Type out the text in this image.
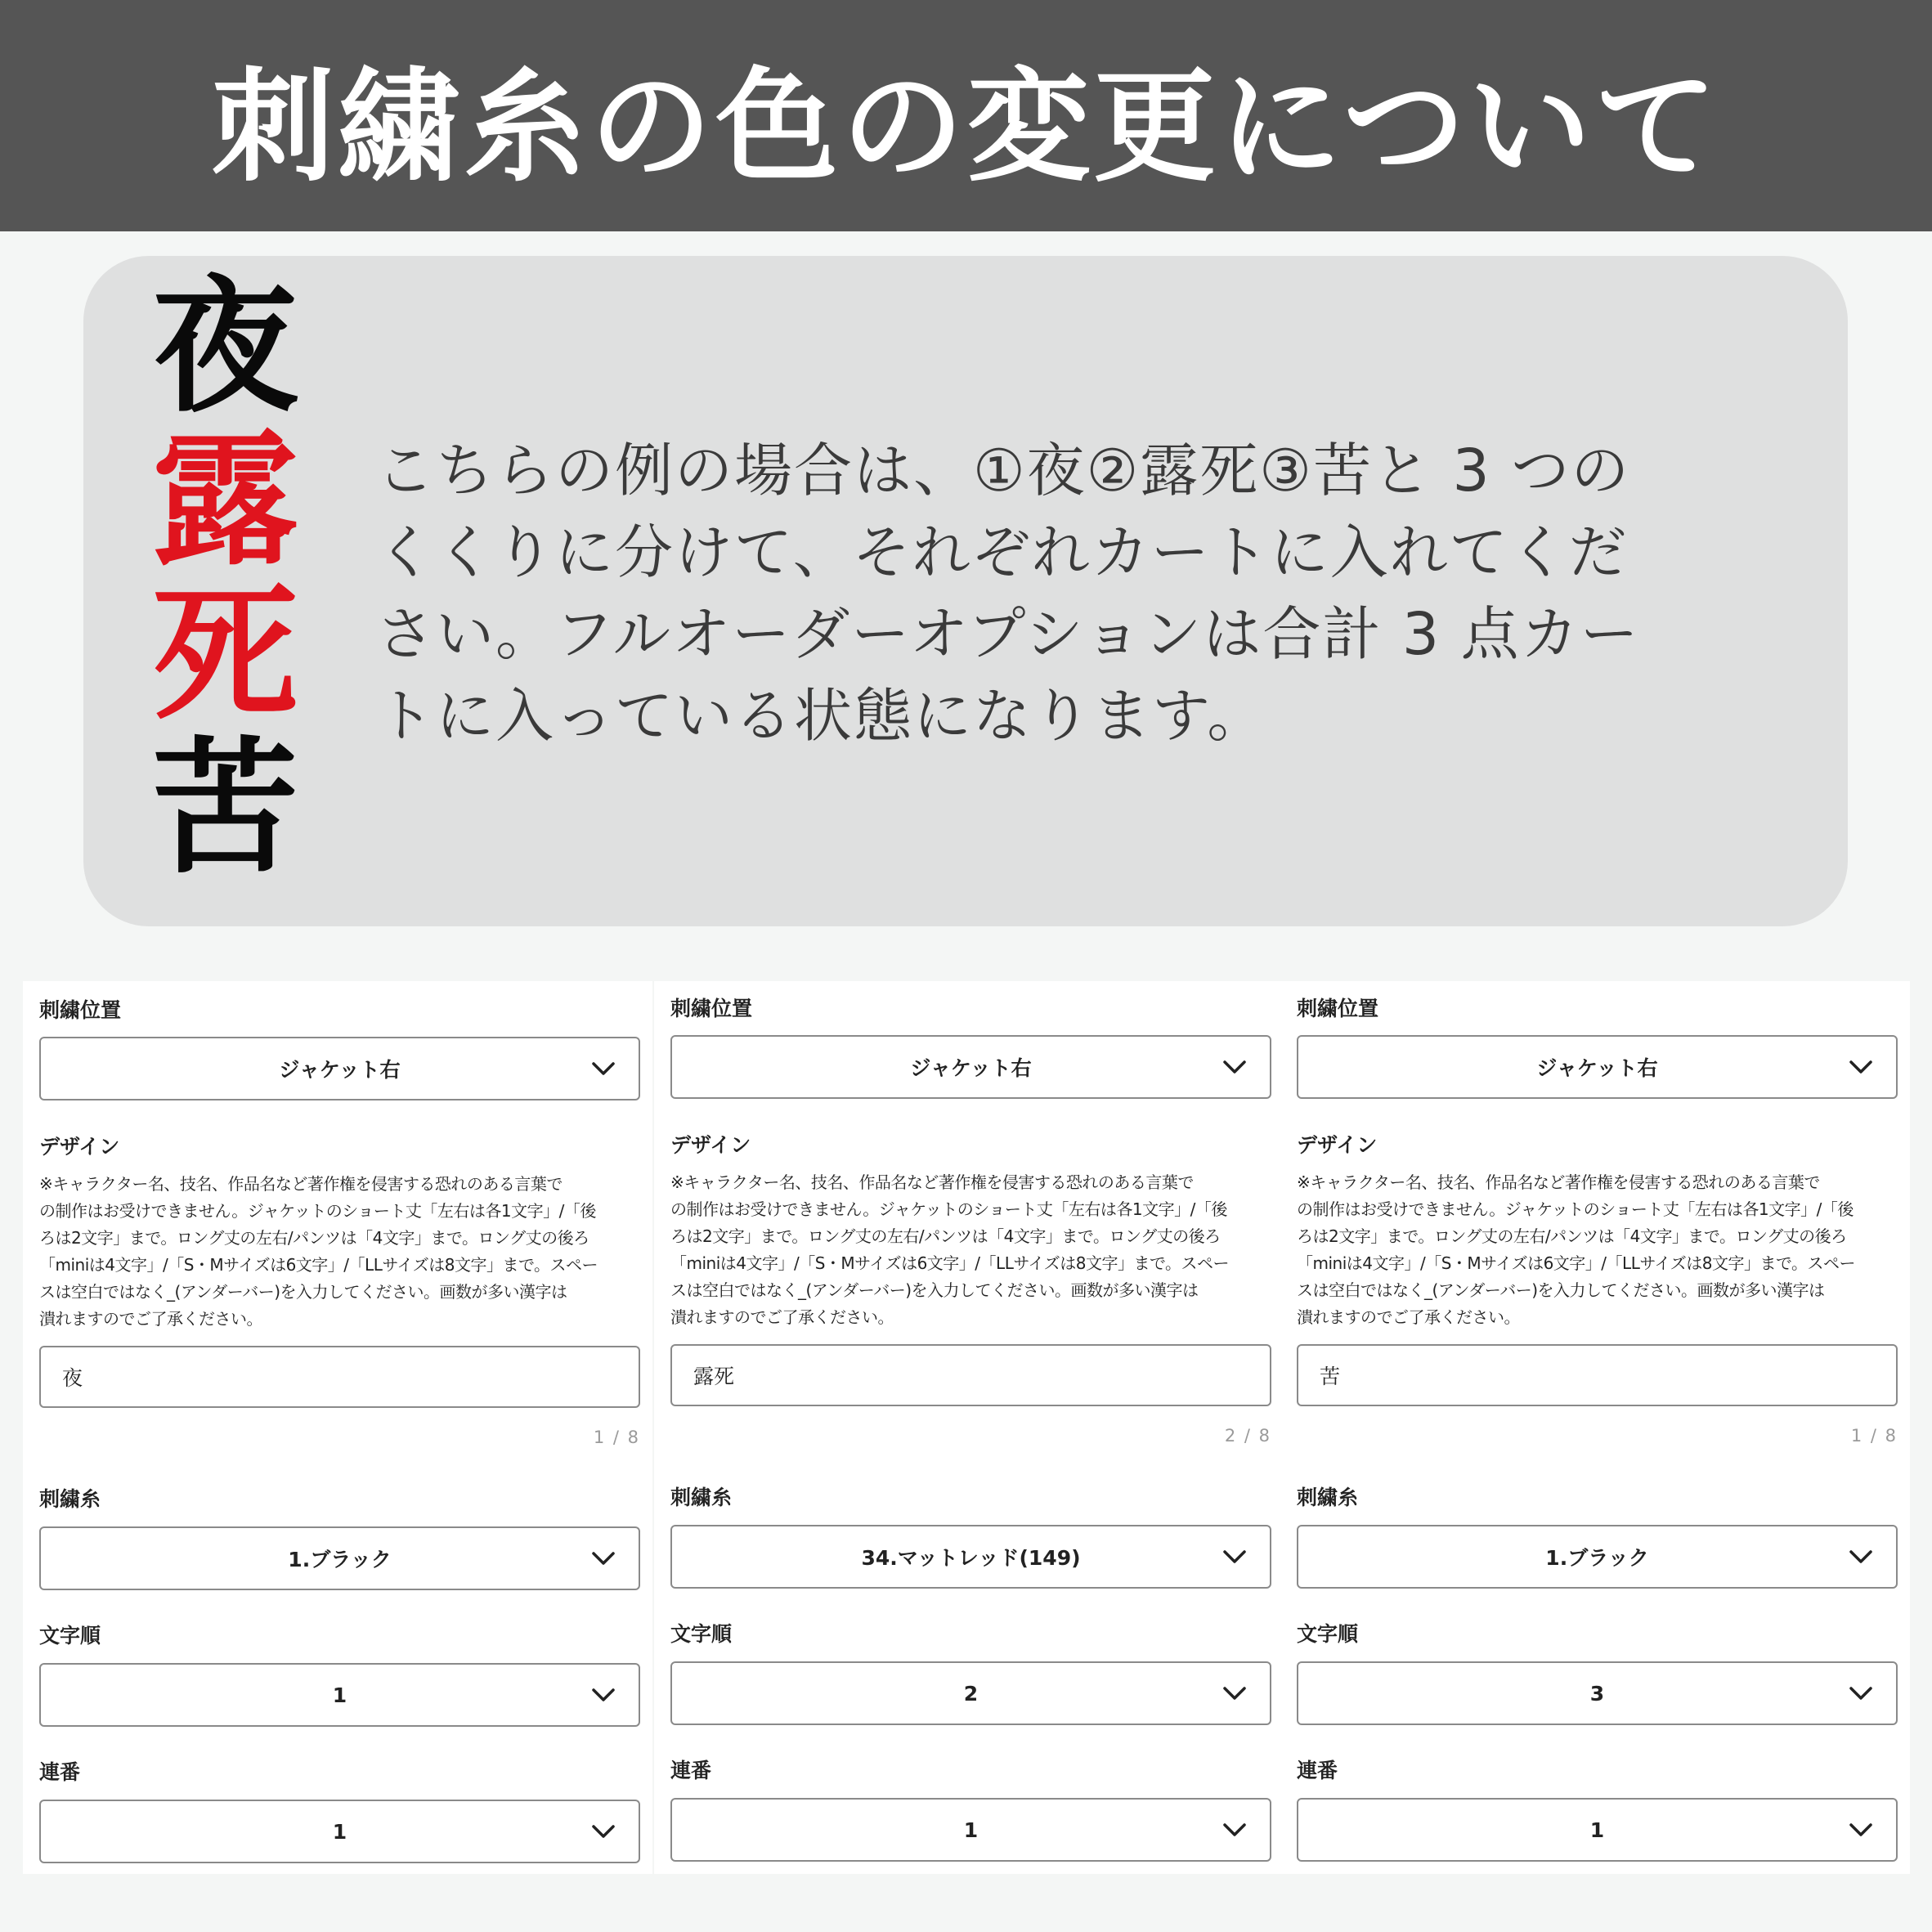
刺繍糸の色の変更について
夜
露
死
苦
こちらの例の場合は、①夜②露死③苦と 3 つの
くくりに分けて、それぞれカートに入れてくだ
さい。フルオーダーオプションは合計 3 点カー
トに入っている状態になります。
刺繍位置
ジャケット右
デザイン
※キャラクター名、技名、作品名など著作権を侵害する恐れのある言葉で
の制作はお受けできません。ジャケットのショート丈「左右は各1文字」/「後
ろは2文字」まで。ロング丈の左右/パンツは「4文字」まで。ロング丈の後ろ
「miniは4文字」/「S・Mサイズは6文字」/「LLサイズは8文字」まで。スペー
スは空白ではなく_(アンダーバー)を入力してください。画数が多い漢字は
潰れますのでご了承ください。
夜
1 / 8
刺繍糸
1.ブラック
文字順
1
連番
1
刺繍位置
ジャケット右
デザイン
※キャラクター名、技名、作品名など著作権を侵害する恐れのある言葉で
の制作はお受けできません。ジャケットのショート丈「左右は各1文字」/「後
ろは2文字」まで。ロング丈の左右/パンツは「4文字」まで。ロング丈の後ろ
「miniは4文字」/「S・Mサイズは6文字」/「LLサイズは8文字」まで。スペー
スは空白ではなく_(アンダーバー)を入力してください。画数が多い漢字は
潰れますのでご了承ください。
露死
2 / 8
刺繍糸
34.マットレッド(149)
文字順
2
連番
1
刺繍位置
ジャケット右
デザイン
※キャラクター名、技名、作品名など著作権を侵害する恐れのある言葉で
の制作はお受けできません。ジャケットのショート丈「左右は各1文字」/「後
ろは2文字」まで。ロング丈の左右/パンツは「4文字」まで。ロング丈の後ろ
「miniは4文字」/「S・Mサイズは6文字」/「LLサイズは8文字」まで。スペー
スは空白ではなく_(アンダーバー)を入力してください。画数が多い漢字は
潰れますのでご了承ください。
苦
1 / 8
刺繍糸
1.ブラック
文字順
3
連番
1
